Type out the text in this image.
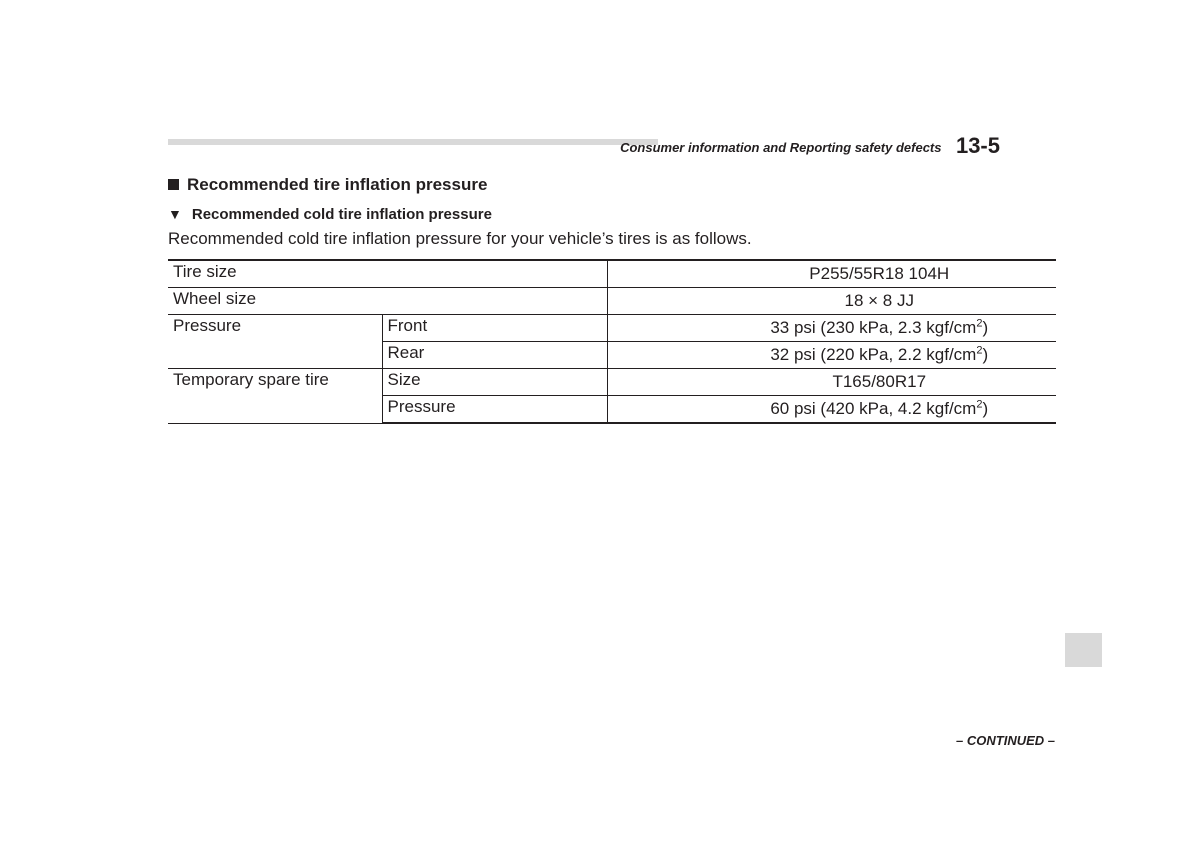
Consumer information and Reporting safety defects 13-5
Recommended tire inflation pressure
▼ Recommended cold tire inflation pressure
Recommended cold tire inflation pressure for your vehicle’s tires is as follows.
Tire size		P255/55R18 104H
Wheel size		18 × 8 JJ
Pressure	Front	33 psi (230 kPa, 2.3 kgf/$cm^2$)
	Rear	32 psi (220 kPa, 2.2 kgf/$cm^2$)
Temporary spare tire	Size	T165/80R17
	Pressure	60 psi (420 kPa, 4.2 kgf/$cm^2$)
– CONTINUED –
